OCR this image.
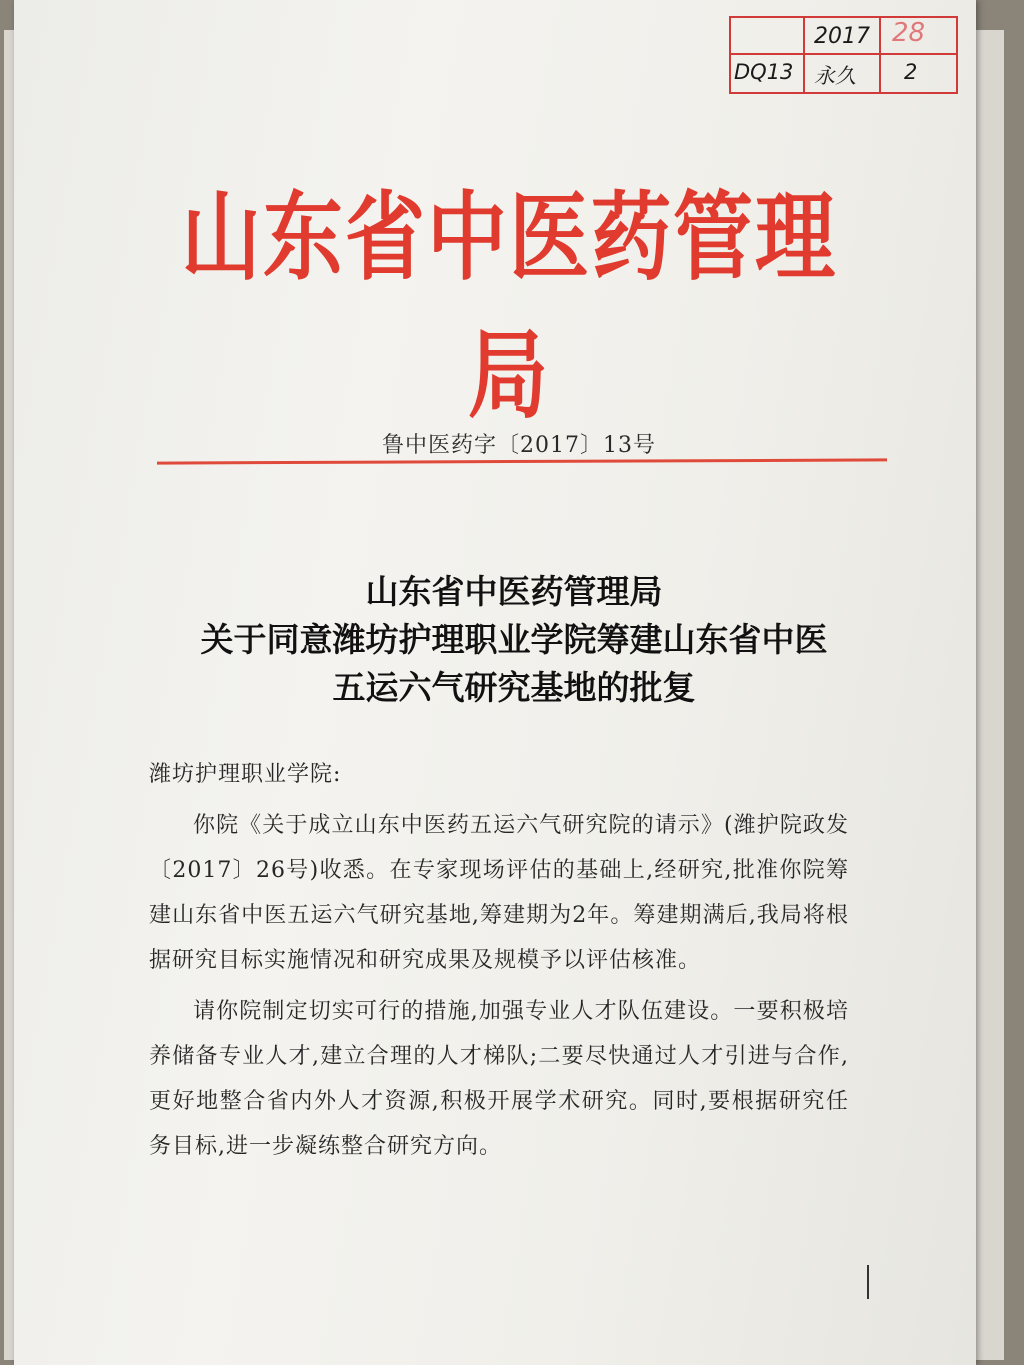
2017 28
DQ13 永久 2
山东省中医药管理局
鲁中医药字〔2017〕13号
山东省中医药管理局
关于同意潍坊护理职业学院筹建山东省中医
五运六气研究基地的批复

潍坊护理职业学院:

你院《关于成立山东中医药五运六气研究院的请示》(潍护院政发〔2017〕26号)收悉。在专家现场评估的基础上,经研究,批准你院筹建山东省中医五运六气研究基地,筹建期为2年。筹建期满后,我局将根据研究目标实施情况和研究成果及规模予以评估核准。

请你院制定切实可行的措施,加强专业人才队伍建设。一要积极培养储备专业人才,建立合理的人才梯队;二要尽快通过人才引进与合作,更好地整合省内外人才资源,积极开展学术研究。同时,要根据研究任务目标,进一步凝练整合研究方向。
